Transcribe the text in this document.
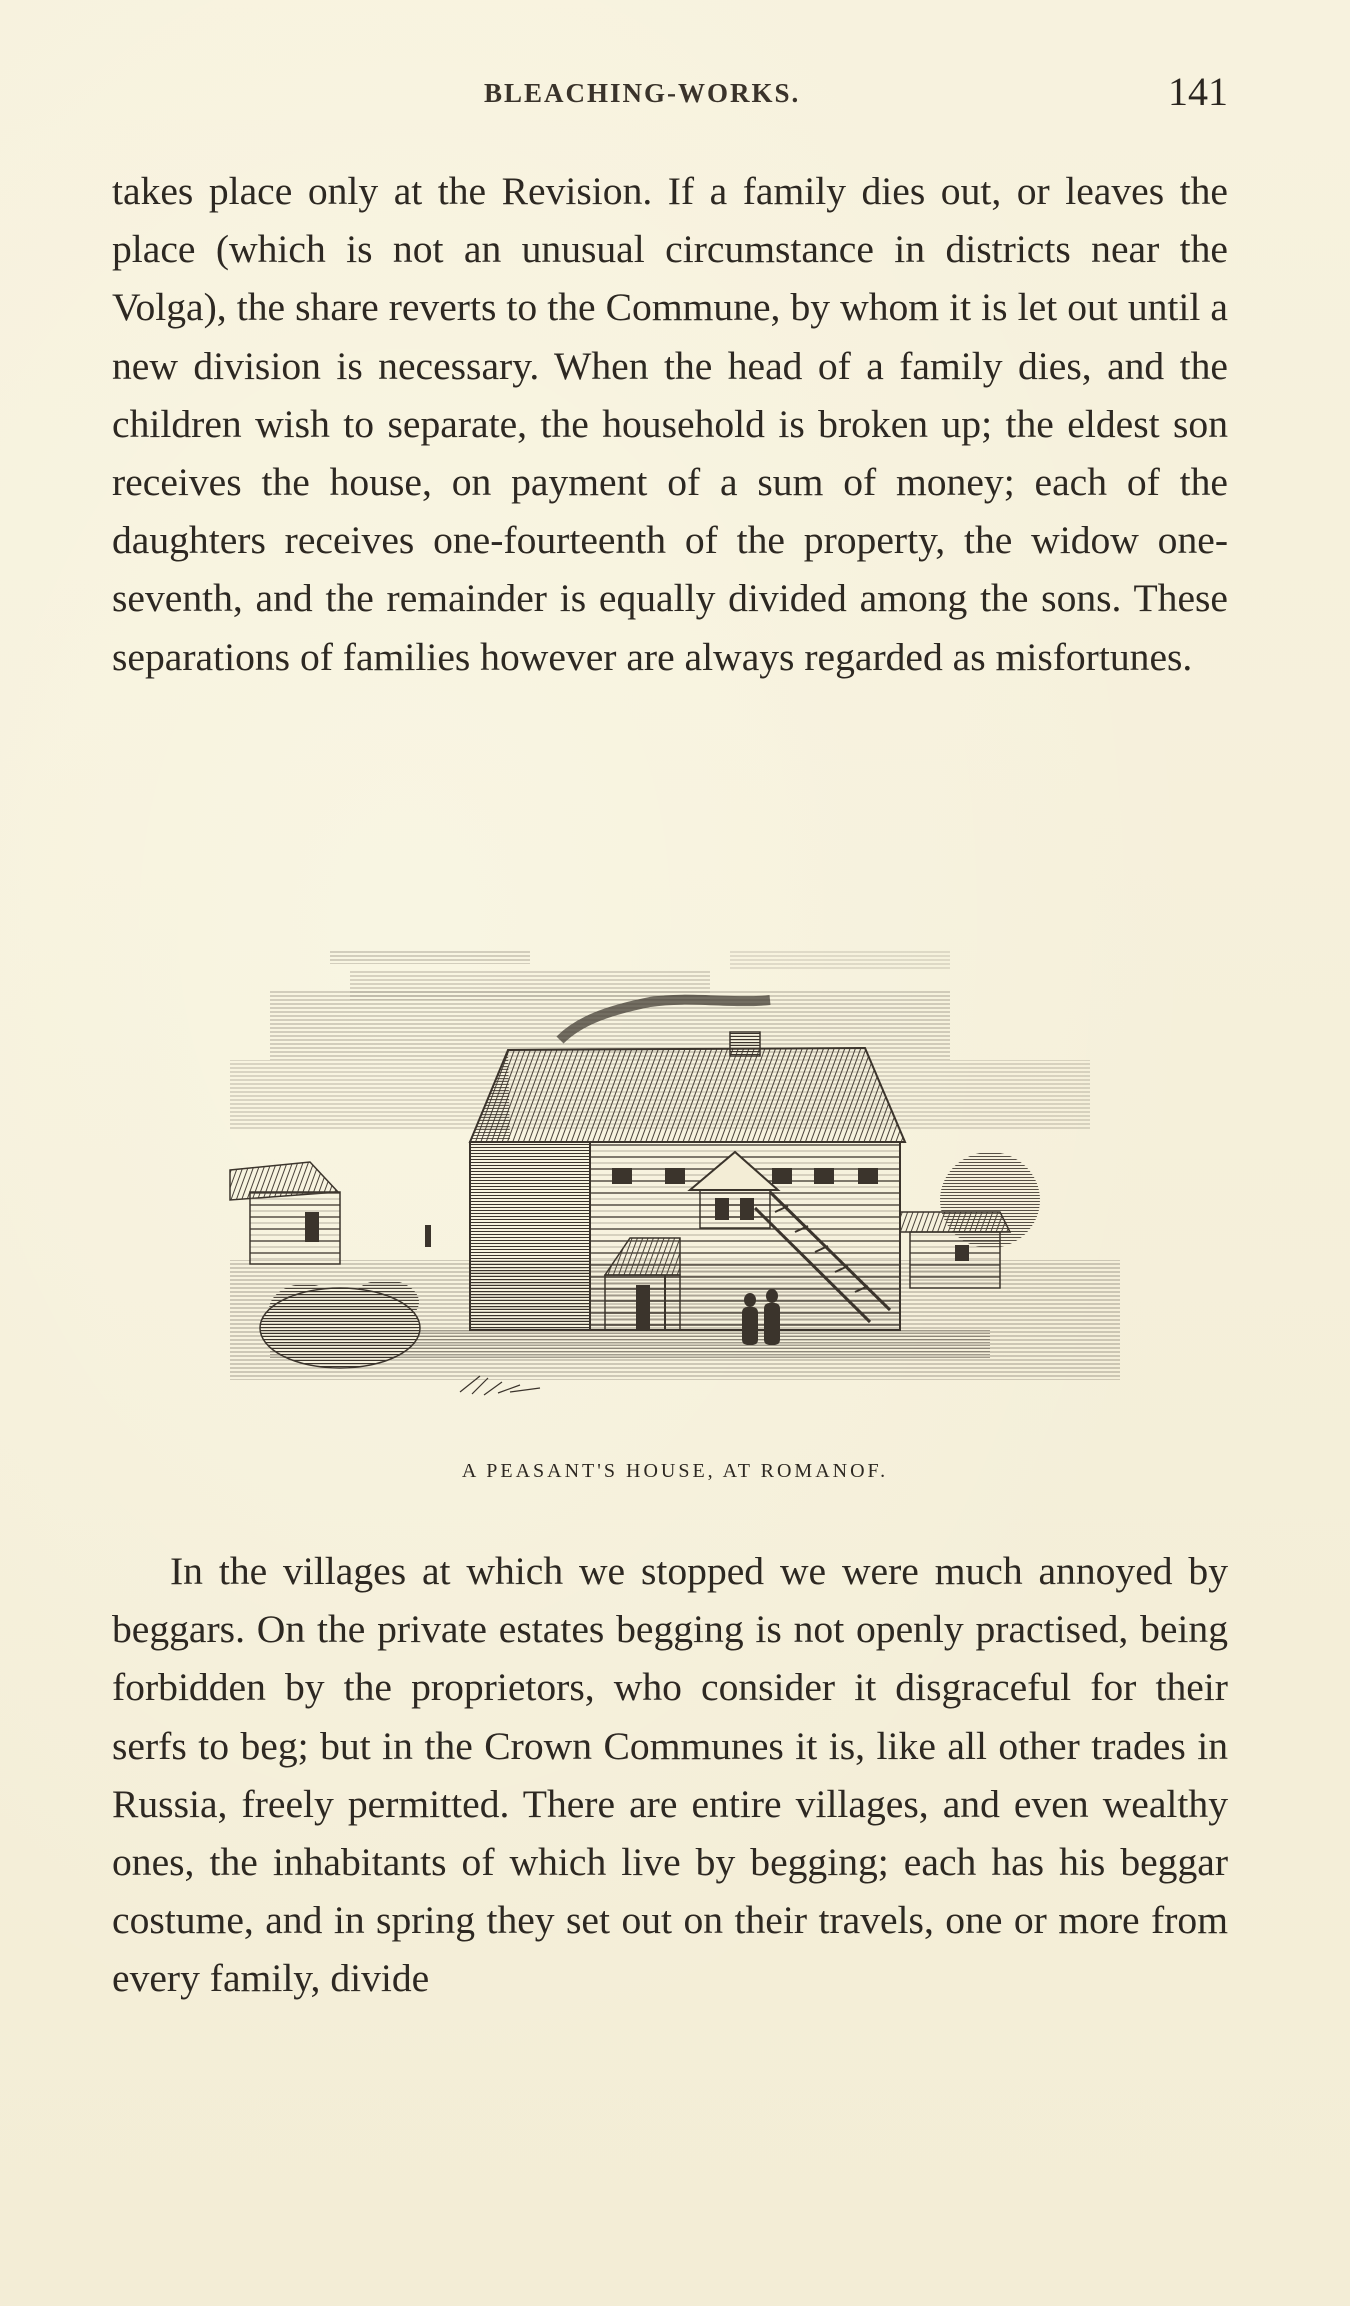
BLEACHING-WORKS.	141

takes place only at the Revision. If a family dies out, or leaves the place (which is not an unusual circumstance in districts near the Volga), the share reverts to the Commune, by whom it is let out until a new division is necessary. When the head of a family dies, and the children wish to separate, the household is broken up; the eldest son receives the house, on payment of a sum of money; each of the daughters receives one-fourteenth of the property, the widow one-seventh, and the remainder is equally divided among the sons. These separations of families however are always regarded as misfortunes.

A PEASANT'S HOUSE, AT ROMANOF.

In the villages at which we stopped we were much annoyed by beggars. On the private estates begging is not openly practised, being forbidden by the proprietors, who consider it disgraceful for their serfs to beg; but in the Crown Communes it is, like all other trades in Russia, freely permitted. There are entire villages, and even wealthy ones, the inhabitants of which live by begging; each has his beggar costume, and in spring they set out on their travels, one or more from every family, divide
